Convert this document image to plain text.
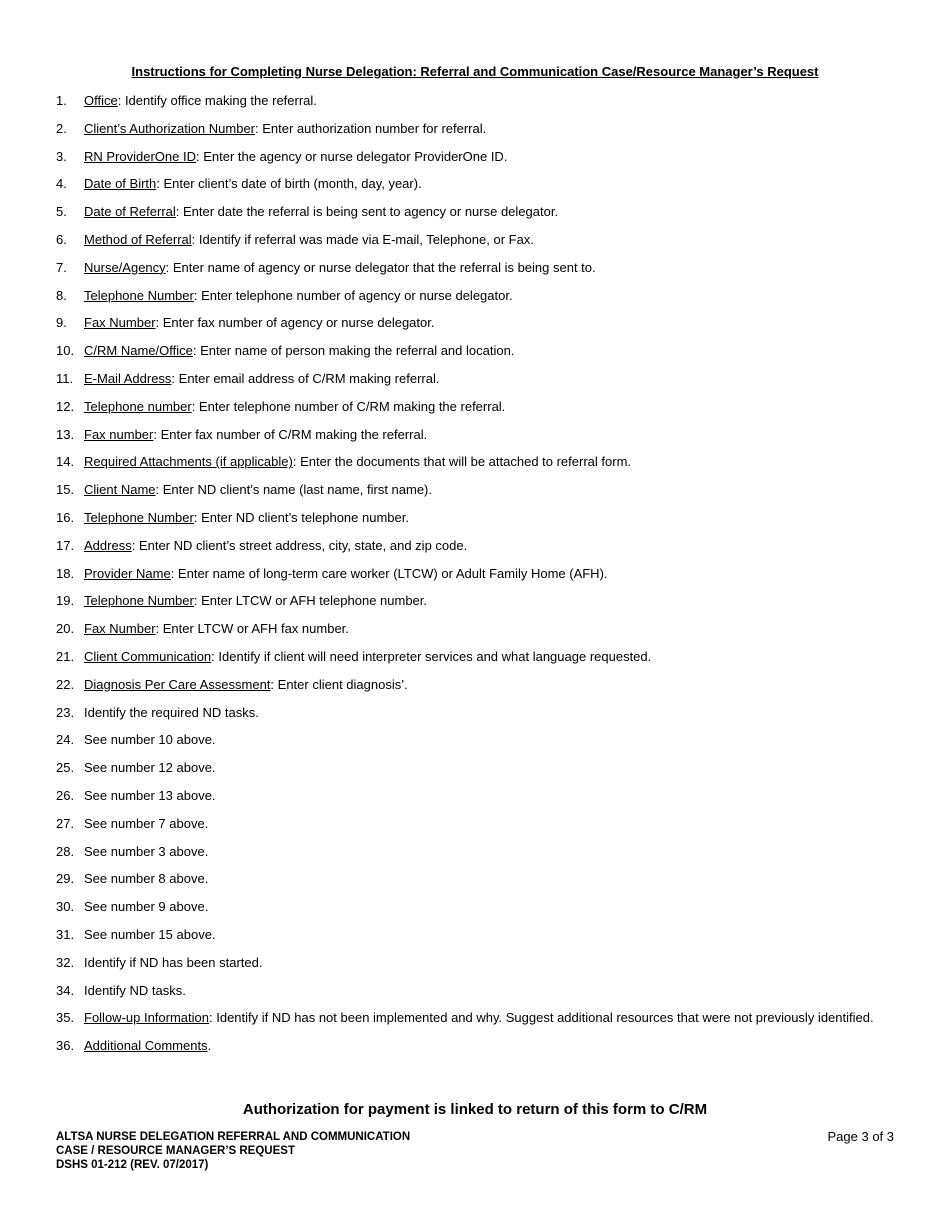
Instructions for Completing Nurse Delegation: Referral and Communication Case/Resource Manager’s Request
1. Office: Identify office making the referral.
2. Client’s Authorization Number: Enter authorization number for referral.
3. RN ProviderOne ID: Enter the agency or nurse delegator ProviderOne ID.
4. Date of Birth: Enter client’s date of birth (month, day, year).
5. Date of Referral: Enter date the referral is being sent to agency or nurse delegator.
6. Method of Referral: Identify if referral was made via E-mail, Telephone, or Fax.
7. Nurse/Agency: Enter name of agency or nurse delegator that the referral is being sent to.
8. Telephone Number: Enter telephone number of agency or nurse delegator.
9. Fax Number: Enter fax number of agency or nurse delegator.
10. C/RM Name/Office: Enter name of person making the referral and location.
11. E-Mail Address: Enter email address of C/RM making referral.
12. Telephone number: Enter telephone number of C/RM making the referral.
13. Fax number: Enter fax number of C/RM making the referral.
14. Required Attachments (if applicable): Enter the documents that will be attached to referral form.
15. Client Name: Enter ND client’s name (last name, first name).
16. Telephone Number: Enter ND client’s telephone number.
17. Address: Enter ND client’s street address, city, state, and zip code.
18. Provider Name: Enter name of long-term care worker (LTCW) or Adult Family Home (AFH).
19. Telephone Number: Enter LTCW or AFH telephone number.
20. Fax Number: Enter LTCW or AFH fax number.
21. Client Communication: Identify if client will need interpreter services and what language requested.
22. Diagnosis Per Care Assessment: Enter client diagnosis’.
23. Identify the required ND tasks.
24. See number 10 above.
25. See number 12 above.
26. See number 13 above.
27. See number 7 above.
28. See number 3 above.
29. See number 8 above.
30. See number 9 above.
31. See number 15 above.
32. Identify if ND has been started.
34. Identify ND tasks.
35. Follow-up Information: Identify if ND has not been implemented and why. Suggest additional resources that were not previously identified.
36. Additional Comments.
Authorization for payment is linked to return of this form to C/RM
ALTSA NURSE DELEGATION REFERRAL AND COMMUNICATION
CASE / RESOURCE MANAGER’S REQUEST
DSHS 01-212 (REV. 07/2017)
Page 3 of 3
